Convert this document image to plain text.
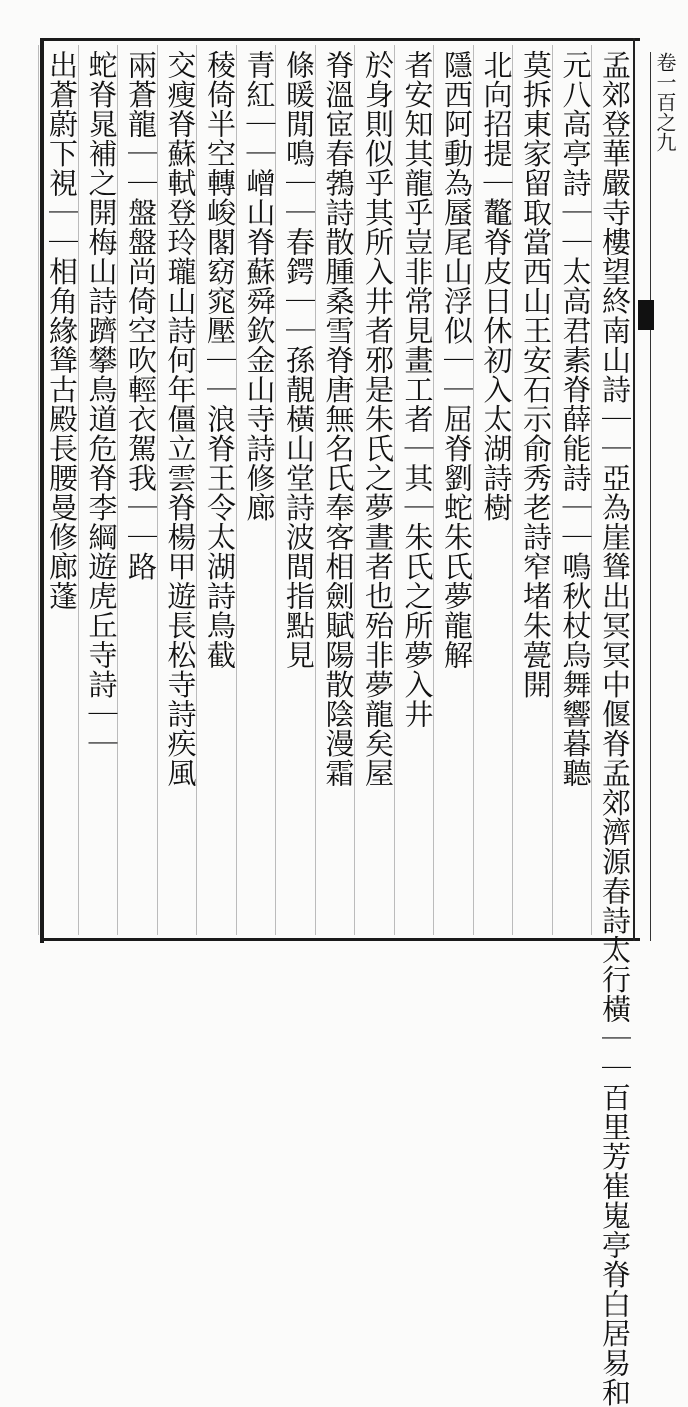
卷一百之九
孟郊登華嚴寺樓望終南山詩｜｜亞為崖聳出冥冥中偃脊孟郊濟源春詩太行橫｜｜百里芳崔嵬亭脊白居易和
元八高亭詩｜｜太高君素脊薛能詩｜｜鳴秋杖烏舞響暮聽
莫拆東家留取當西山王安石示俞秀老詩窄堵朱甍開
北向招提｜鼇脊皮日休初入太湖詩樹
隱西阿動為蜃尾山浮似｜｜屈脊劉蛇朱氏夢龍解
者安知其龍乎豈非常見畫工者｜其｜朱氏之所夢入井
於身則似乎其所入井者邪是朱氏之夢晝者也殆非夢龍矣屋
脊溫宧春鵓詩散腫桑雪脊唐無名氏奉客相劍賦陽散陰漫霜
條暖閒鳴｜｜春鍔｜｜孫靚橫山堂詩波間指點見
青紅｜｜嶒山脊蘇舜欽金山寺詩修廊
稜倚半空轉峻閣窈窕壓｜｜浪脊王令太湖詩鳥截
交瘦脊蘇軾登玲瓏山詩何年僵立雲脊楊甲遊長松寺詩疾風
兩蒼龍｜｜盤盤尚倚空吹輕衣駕我｜｜路
蛇脊晁補之開梅山詩躋攀鳥道危脊李綱遊虎丘寺詩｜｜
出蒼蔚下視｜｜相角緣聳古殿長腰曼修廊蓬
